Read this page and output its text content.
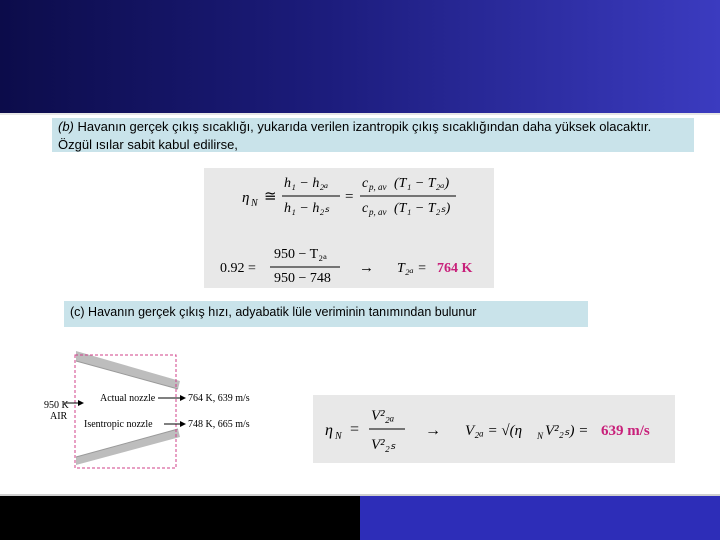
(b) Havanın gerçek çıkış sıcaklığı, yukarıda verilen izantropik çıkış sıcaklığından daha yüksek olacaktır. Özgül ısılar sabit kabul edilirse,
η N ≅
h₁ − h₂ₐ
h₁ − h₂ₛ
=
c p, av (T₁ − T₂ₐ)
c p, av (T₁ − T₂ₛ)
0.92 =
950 − T₂ₐ
950 − 748
→ T₂ₐ = 764 K
(c) Havanın gerçek çıkış hızı, adyabatik lüle veriminin tanımından bulunur
950 K
AIR
Actual nozzle	764 K, 639 m/s
Isentropic nozzle	748 K, 665 m/s	η N =
V²₂ₐ
V²₂ₛ
→ V₂ₐ = √(η N V²₂ₛ) = 639 m/s
